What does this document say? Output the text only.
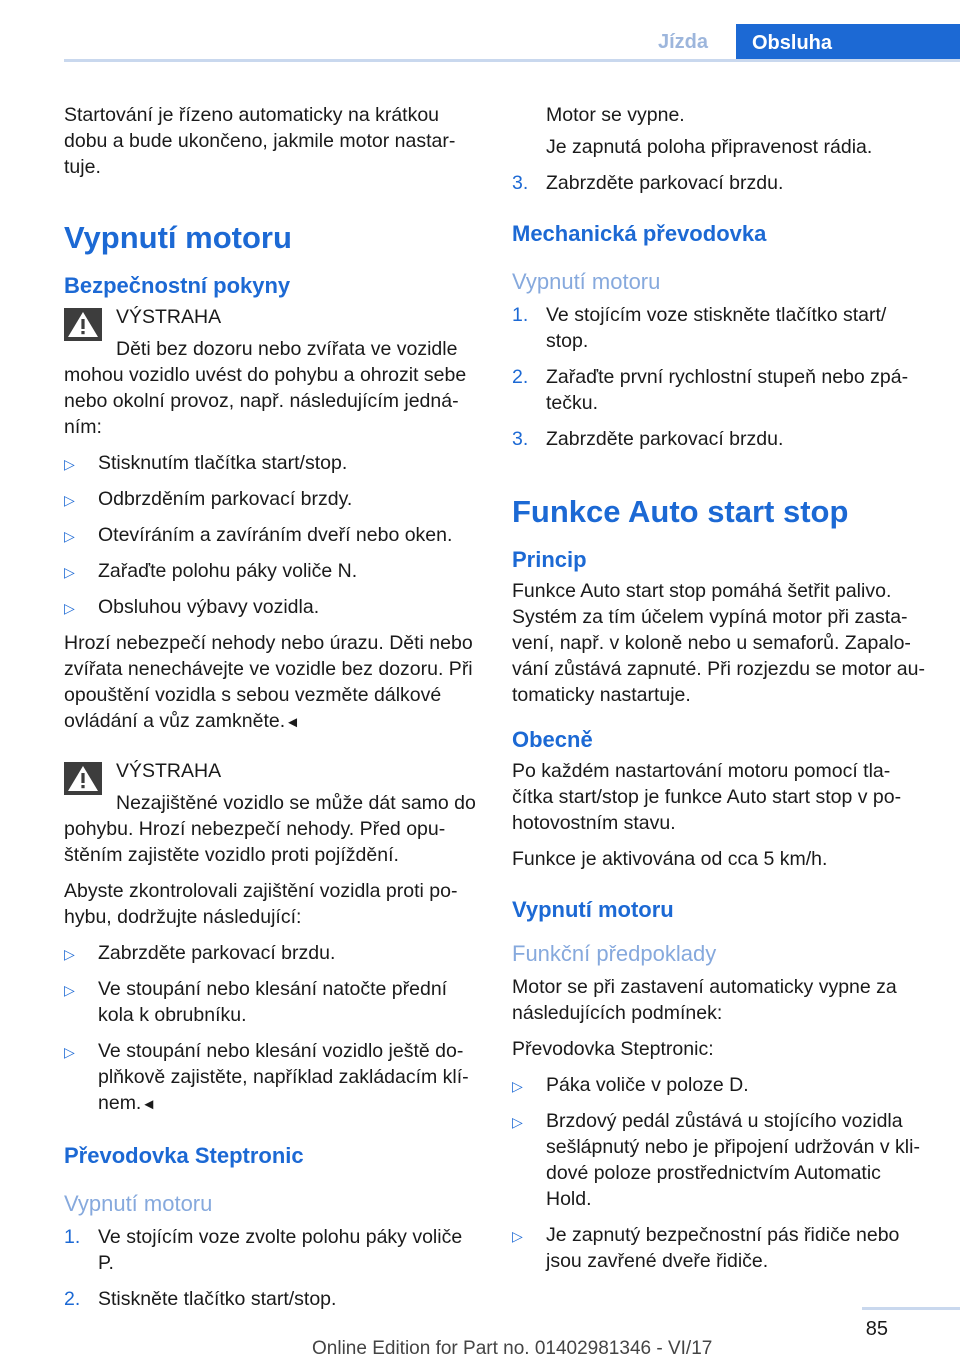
Jízda	Obsluha

Startování je řízeno automaticky na krátkou dobu a bude ukončeno, jakmile motor nastar-tuje.

Vypnutí motoru
Bezpečnostní pokyny

VÝSTRAHA

Děti bez dozoru nebo zvířata ve vozidle mohou vozidlo uvést do pohybu a ohrozit sebe nebo okolní provoz, např. následujícím jedná-ním:

▷ Stisknutím tlačítka start/stop.
▷ Odbrzděním parkovací brzdy.
▷ Otevíráním a zavíráním dveří nebo oken.
▷ Zařaďte polohu páky voliče N.
▷ Obsluhou výbavy vozidla.

Hrozí nebezpečí nehody nebo úrazu. Děti nebo zvířata nenechávejte ve vozidle bez dozoru. Při opouštění vozidla s sebou vezměte dálkové ovládání a vůz zamkněte.◄

VÝSTRAHA

Nezajištěné vozidlo se může dát samo do pohybu. Hrozí nebezpečí nehody. Před opu-štěním zajistěte vozidlo proti pojíždění.

Abyste zkontrolovali zajištění vozidla proti po-hybu, dodržujte následující:

▷ Zabrzděte parkovací brzdu.
▷ Ve stoupání nebo klesání natočte přední kola k obrubníku.
▷ Ve stoupání nebo klesání vozidlo ještě do-plňkově zajistěte, například zakládacím klí-nem.◄
Převodovka Steptronic
Vypnutí motoru
1. Ve stojícím voze zvolte polohu páky voliče P.
2. Stiskněte tlačítko start/stop.

Motor se vypne.

Je zapnutá poloha připravenost rádia.

3. Zabrzděte parkovací brzdu.
Mechanická převodovka
Vypnutí motoru
1. Ve stojícím voze stiskněte tlačítko start/ stop.
2. Zařaďte první rychlostní stupeň nebo zpá-tečku.
3. Zabrzděte parkovací brzdu.
Funkce Auto start stop
Princip

Funkce Auto start stop pomáhá šetřit palivo. Systém za tím účelem vypíná motor při zasta-vení, např. v koloně nebo u semaforů. Zapalo-vání zůstává zapnuté. Při rozjezdu se motor au-tomaticky nastartuje.

Obecně

Po každém nastartování motoru pomocí tla-čítka start/stop je funkce Auto start stop v po-hotovostním stavu.

Funkce je aktivována od cca 5 km/h.

Vypnutí motoru
Funkční předpoklady

Motor se při zastavení automaticky vypne za následujících podmínek:

Převodovka Steptronic:

▷ Páka voliče v poloze D.
▷ Brzdový pedál zůstává u stojícího vozidla sešlápnutý nebo je připojení udržován v kli-dové poloze prostřednictvím Automatic Hold.
▷ Je zapnutý bezpečnostní pás řidiče nebo jsou zavřené dveře řidiče.
85
Online Edition for Part no. 01402981346 - VI/17
